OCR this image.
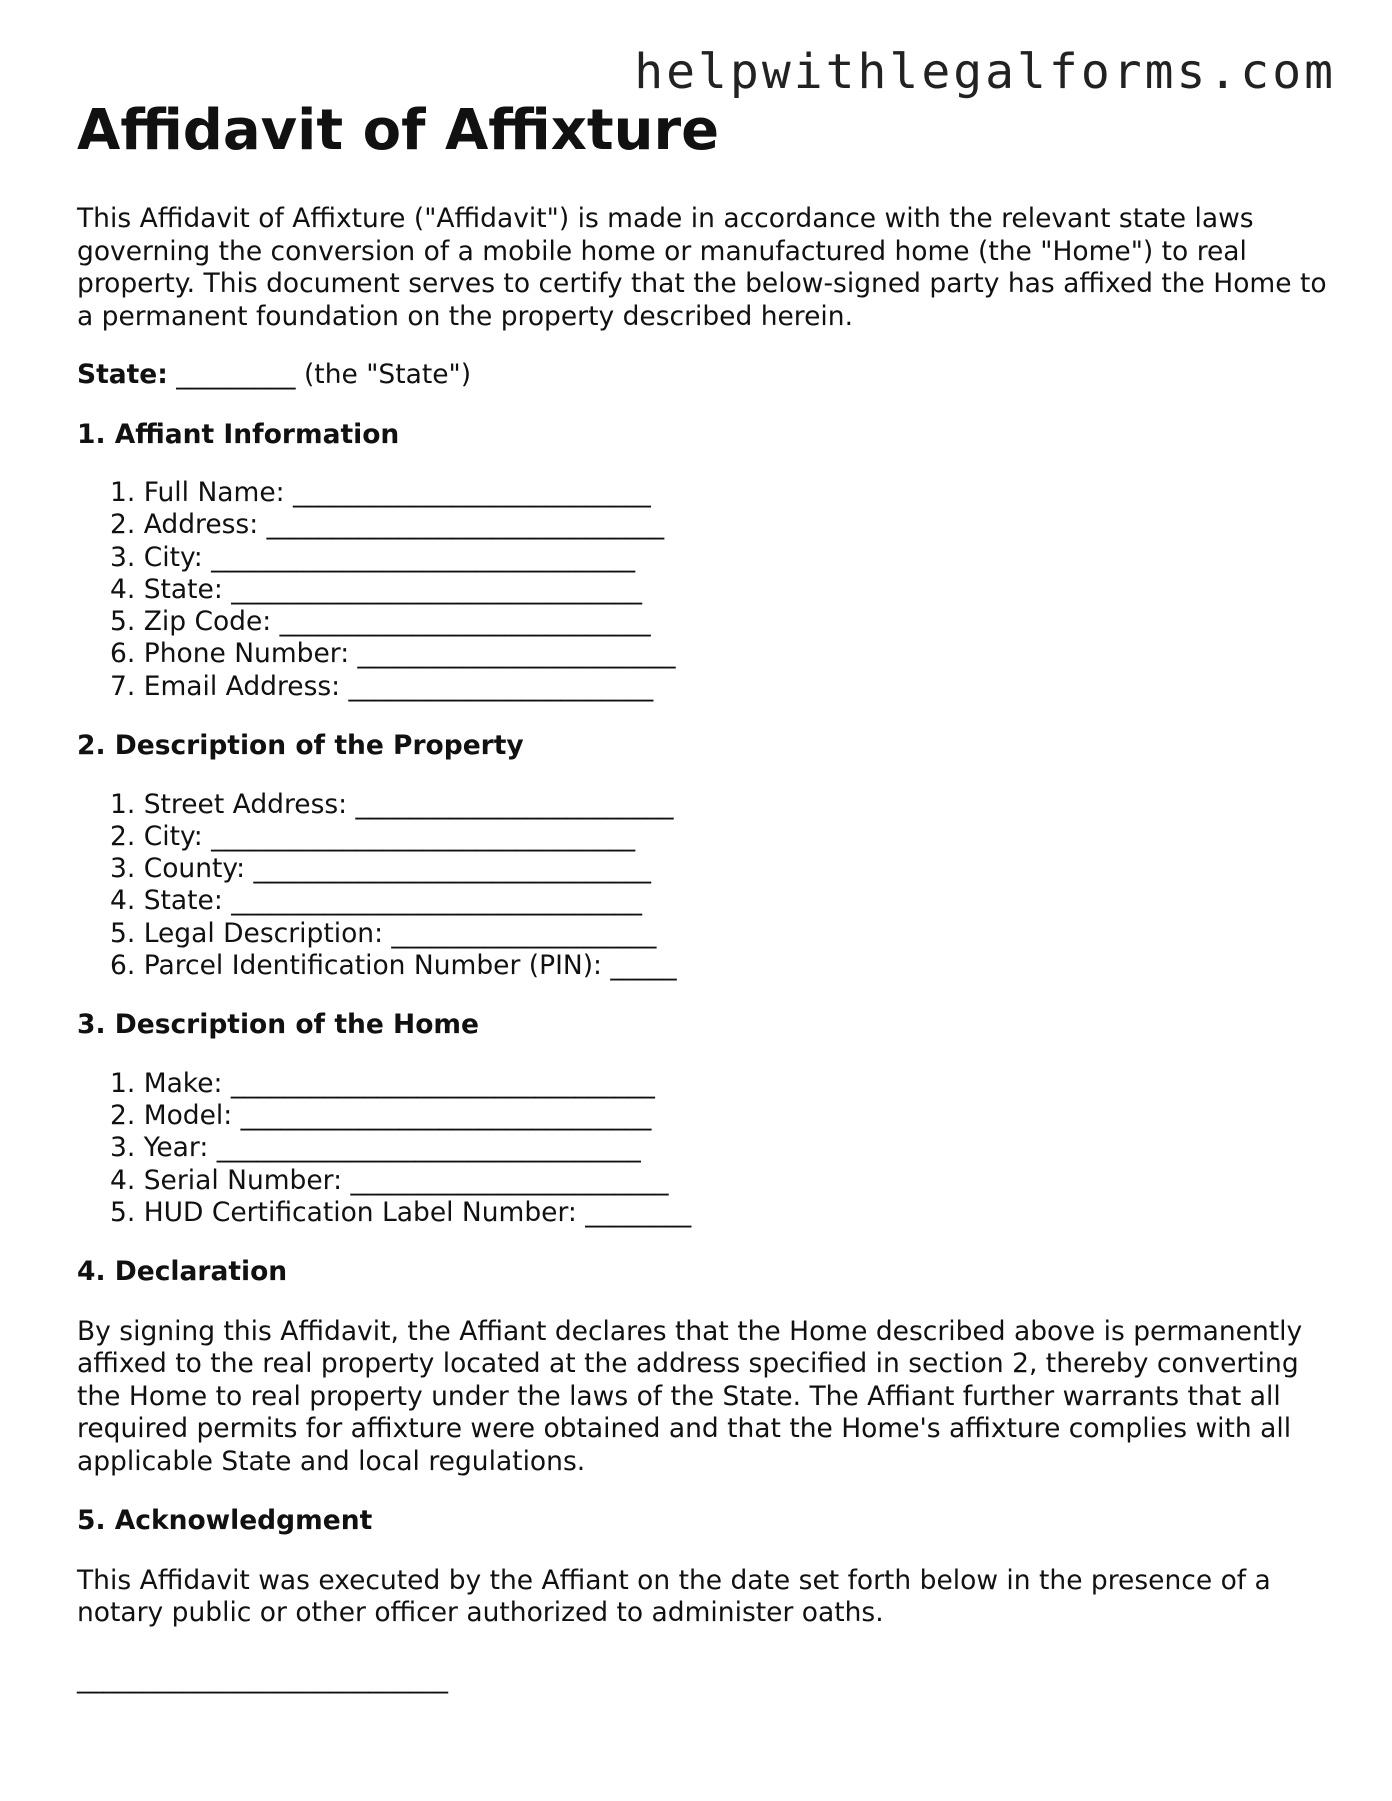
helpwithlegalforms.com
Affidavit of Affixture

This Affidavit of Affixture ("Affidavit") is made in accordance with the relevant state laws governing the conversion of a mobile home or manufactured home (the "Home") to real property. This document serves to certify that the below-signed party has affixed the Home to a permanent foundation on the property described herein.

State: _________ (the "State")

1. Affiant Information
1. Full Name: ___________________________
2. Address: ______________________________
3. City: ________________________________
4. State: _______________________________
5. Zip Code: ____________________________
6. Phone Number: ________________________
7. Email Address: _______________________
2. Description of the Property
1. Street Address: ________________________
2. City: ________________________________
3. County: ______________________________
4. State: _______________________________
5. Legal Description: ____________________
6. Parcel Identification Number (PIN): _____
3. Description of the Home
1. Make: ________________________________
2. Model: _______________________________
3. Year: ________________________________
4. Serial Number: ________________________
5. HUD Certification Label Number: ________
4. Declaration

By signing this Affidavit, the Affiant declares that the Home described above is permanently affixed to the real property located at the address specified in section 2, thereby converting the Home to real property under the laws of the State. The Affiant further warrants that all required permits for affixture were obtained and that the Home's affixture complies with all applicable State and local regulations.

5. Acknowledgment

This Affidavit was executed by the Affiant on the date set forth below in the presence of a notary public or other officer authorized to administer oaths.

____________________________
